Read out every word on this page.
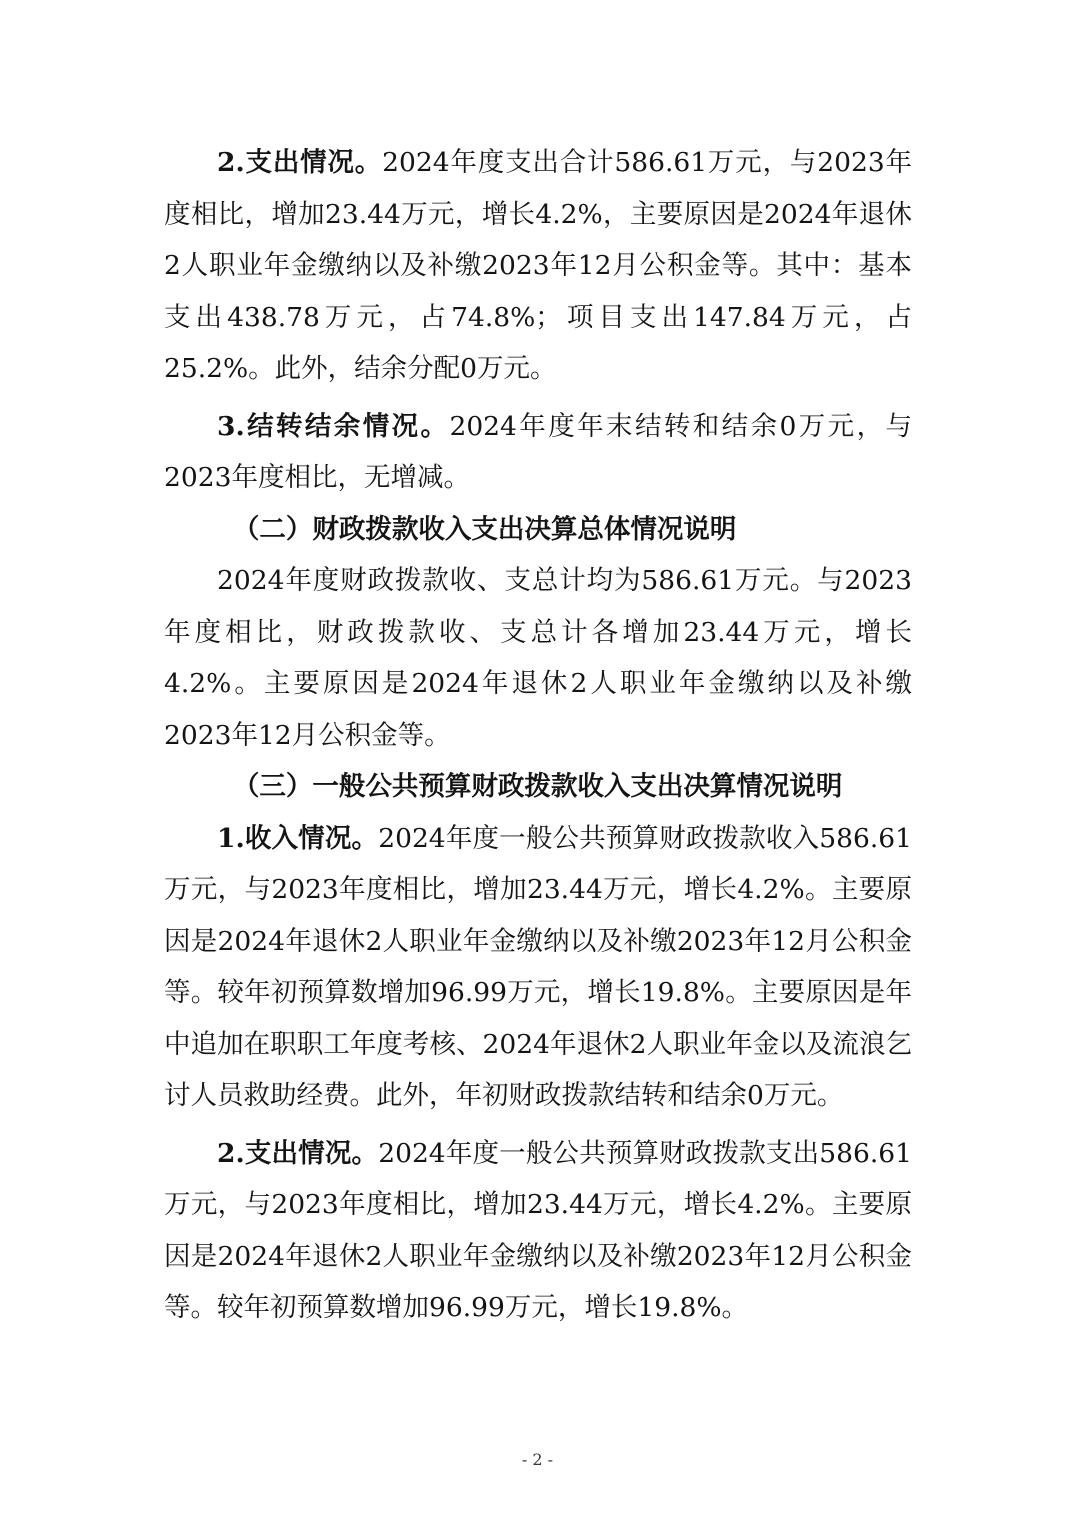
2.支出情况。2024年度支出合计586.61万元，与2023年度相比，增加23.44万元，增长4.2%，主要原因是2024年退休2人职业年金缴纳以及补缴2023年12月公积金等。其中：基本支出438.78万元，占74.8%；项目支出147.84万元，占25.2%。此外，结余分配0万元。

3.结转结余情况。2024年度年末结转和结余0万元，与2023年度相比，无增减。

（二）财政拨款收入支出决算总体情况说明

2024年度财政拨款收、支总计均为586.61万元。与2023年度相比，财政拨款收、支总计各增加23.44万元，增长4.2%。主要原因是2024年退休2人职业年金缴纳以及补缴2023年12月公积金等。

（三）一般公共预算财政拨款收入支出决算情况说明

1.收入情况。2024年度一般公共预算财政拨款收入586.61万元，与2023年度相比，增加23.44万元，增长4.2%。主要原因是2024年退休2人职业年金缴纳以及补缴2023年12月公积金等。较年初预算数增加96.99万元，增长19.8%。主要原因是年中追加在职职工年度考核、2024年退休2人职业年金以及流浪乞讨人员救助经费。此外，年初财政拨款结转和结余0万元。

2.支出情况。2024年度一般公共预算财政拨款支出586.61万元，与2023年度相比，增加23.44万元，增长4.2%。主要原因是2024年退休2人职业年金缴纳以及补缴2023年12月公积金等。较年初预算数增加96.99万元，增长19.8%。

- 2 -
